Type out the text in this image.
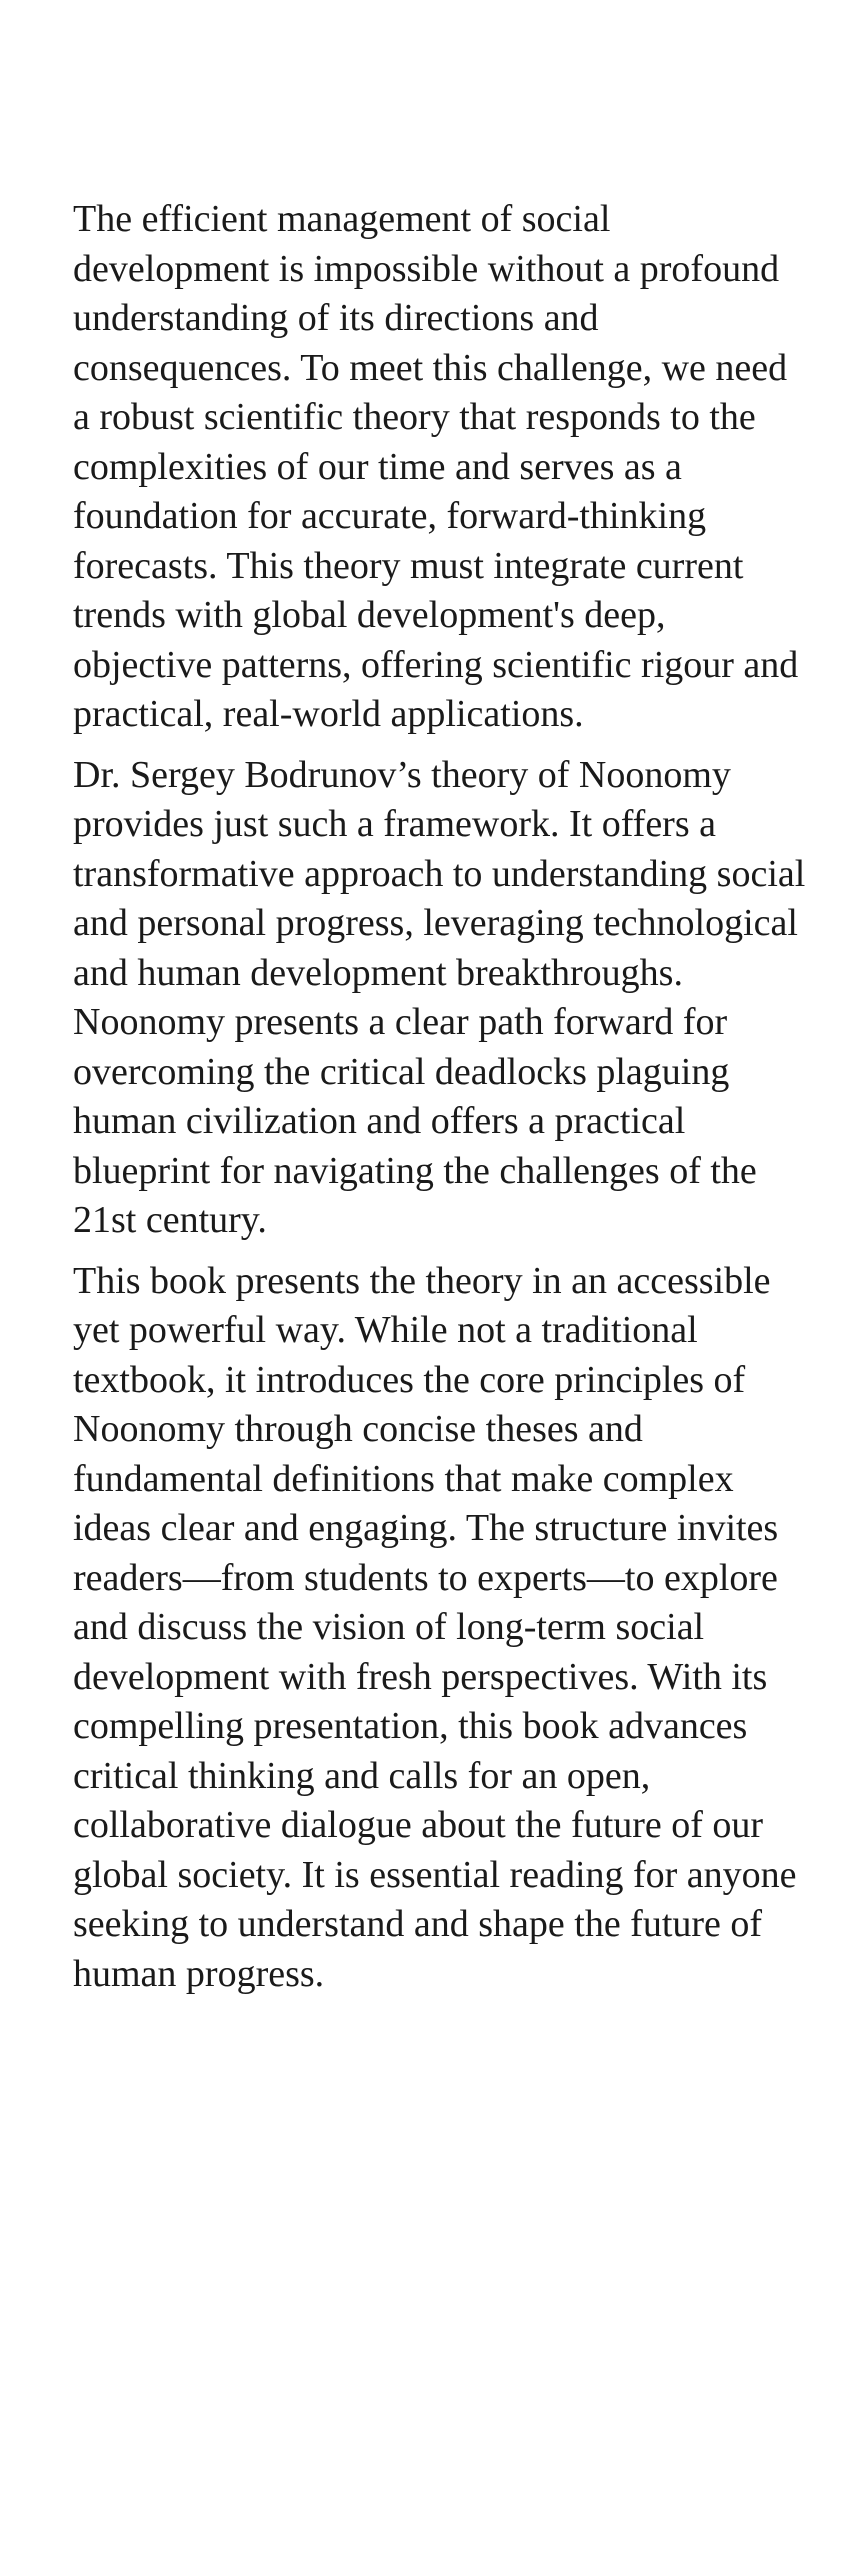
The efficient management of social development is impossible without a profound understanding of its directions and consequences. To meet this challenge, we need a robust scientific theory that responds to the complexities of our time and serves as a foundation for accurate, forward-thinking forecasts. This theory must integrate current trends with global development's deep, objective patterns, offering scientific rigour and practical, real-world applications.

Dr. Sergey Bodrunov’s theory of Noonomy provides just such a framework. It offers a transformative approach to understanding social and personal progress, leveraging technological and human development breakthroughs. Noonomy presents a clear path forward for overcoming the critical deadlocks plaguing human civilization and offers a practical blueprint for navigating the challenges of the 21st century.

This book presents the theory in an accessible yet powerful way. While not a traditional textbook, it introduces the core principles of Noonomy through concise theses and fundamental definitions that make complex ideas clear and engaging. The structure invites readers—from students to experts—to explore and discuss the vision of long-term social development with fresh perspectives. With its compelling presentation, this book advances critical thinking and calls for an open, collaborative dialogue about the future of our global society. It is essential reading for anyone seeking to understand and shape the future of human progress.
